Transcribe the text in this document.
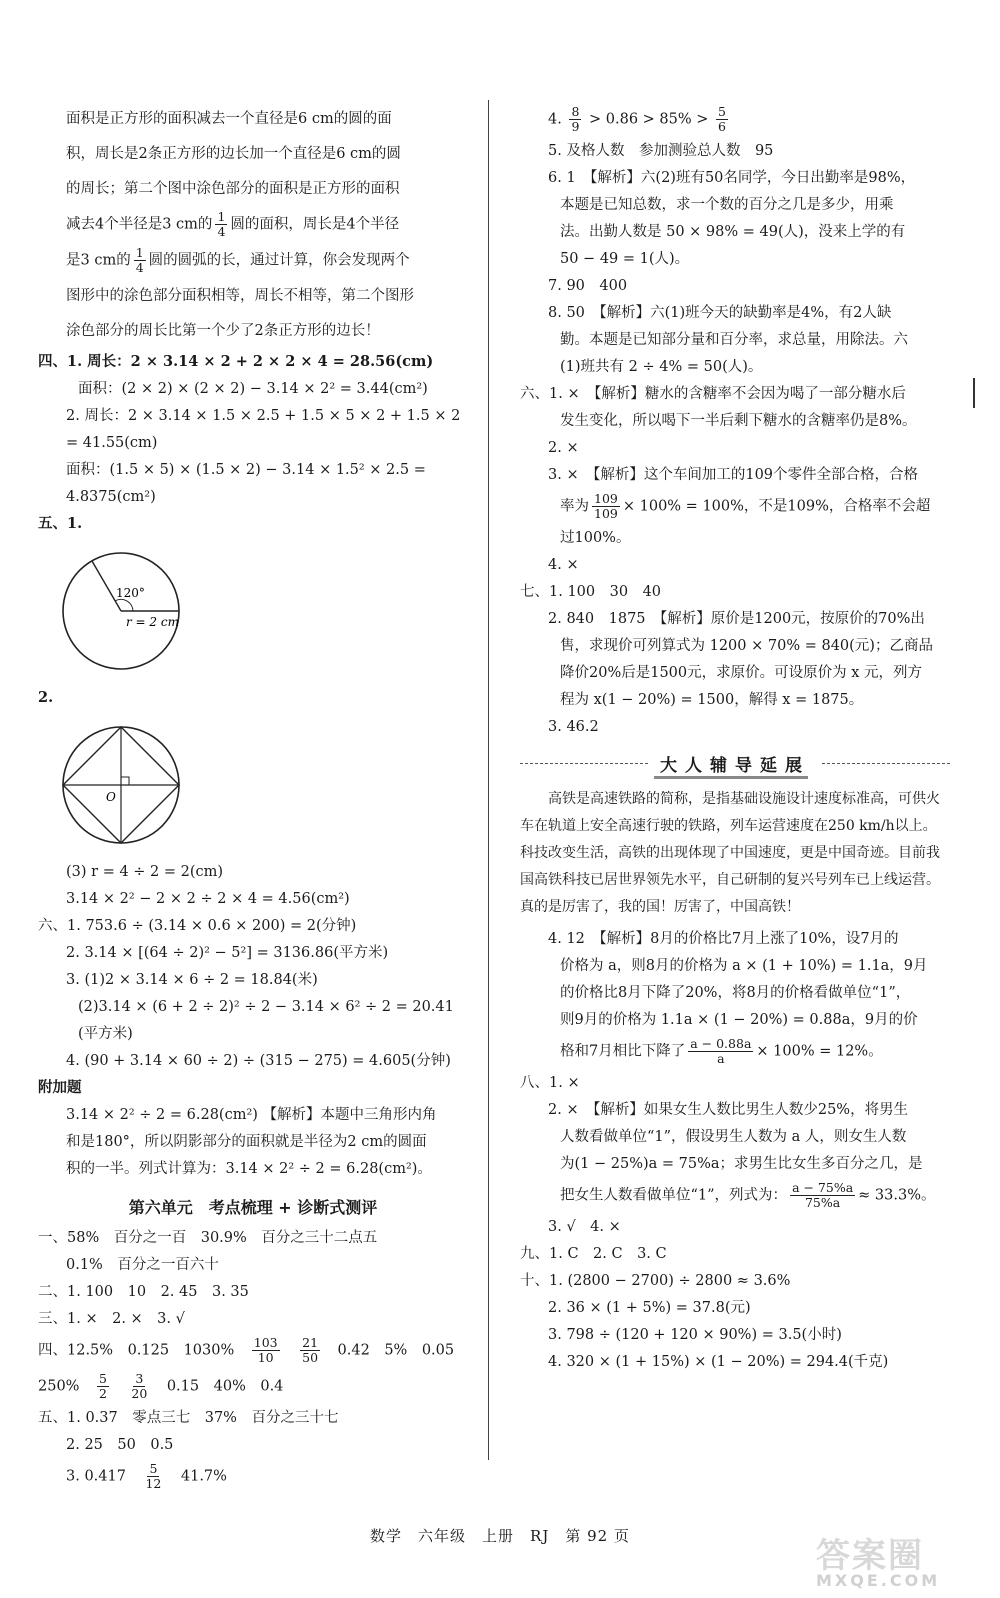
面积是正方形的面积减去一个直径是6 cm的圆的面
积，周长是2条正方形的边长加一个直径是6 cm的圆
的周长；第二个图中涂色部分的面积是正方形的面积
减去4个半径是3 cm的 $\frac{1}{4}$ 圆的面积，周长是4个半径
是3 cm的 $\frac{1}{4}$ 圆的圆弧的长，通过计算，你会发现两个
图形中的涂色部分面积相等，周长不相等，第二个图形
涂色部分的周长比第一个少了2条正方形的边长！
四、1. 周长：2 × 3.14 × 2 + 2 × 2 × 4 = 28.56(cm)
面积：(2 × 2) × (2 × 2) − 3.14 × 2² = 3.44(cm²)
2. 周长：2 × 3.14 × 1.5 × 2.5 + 1.5 × 5 × 2 + 1.5 × 2
= 41.55(cm)
面积：(1.5 × 5) × (1.5 × 2) − 3.14 × 1.5² × 2.5 =
4.8375(cm²)
五、1.
120°
r = 2 cm
2.
O
(3) r = 4 ÷ 2 = 2(cm)
3.14 × 2² − 2 × 2 ÷ 2 × 4 = 4.56(cm²)
六、1. 753.6 ÷ (3.14 × 0.6 × 200) = 2(分钟)
2. 3.14 × [(64 ÷ 2)² − 5²] = 3136.86(平方米)
3. (1)2 × 3.14 × 6 ÷ 2 = 18.84(米)
(2)3.14 × (6 + 2 ÷ 2)² ÷ 2 − 3.14 × 6² ÷ 2 = 20.41
(平方米)
4. (90 + 3.14 × 60 ÷ 2) ÷ (315 − 275) = 4.605(分钟)
附加题
3.14 × 2² ÷ 2 = 6.28(cm²) 【解析】本题中三角形内角
和是180°，所以阴影部分的面积就是半径为2 cm的圆面
积的一半。列式计算为：3.14 × 2² ÷ 2 = 6.28(cm²)。
第六单元　考点梳理 + 诊断式测评
一、58%　百分之一百　30.9%　百分之三十二点五
0.1%　百分之一百六十
二、1. 100　10　2. 45　3. 35
三、1. ×　2. ×　3. √
四、12.5%　0.125　1030%　 $\frac{103}{10}$
　 $\frac{21}{50}$
　 0.42　5%　0.05
250%　 $\frac{5}{2}$
　 $\frac{3}{20}$
　 0.15　40%　0.4
五、1. 0.37　零点三七　37%　百分之三十七
2. 25　50　0.5
3. 0.417　 $\frac{5}{12}$
　 41.7%
4. $\frac{8}{9} > 0.86 > 85\% > \frac{5}{6}$
5. 及格人数　参加测验总人数　95
6. 1　【解析】六(2)班有50名同学，今日出勤率是98%，
本题是已知总数，求一个数的百分之几是多少，用乘
法。出勤人数是 50 × 98% = 49(人)，没来上学的有
50 − 49 = 1(人)。
7. 90　400
8. 50　【解析】六(1)班今天的缺勤率是4%，有2人缺
勤。本题是已知部分量和百分率，求总量，用除法。六
(1)班共有 2 ÷ 4% = 50(人)。
六、1. ×　【解析】糖水的含糖率不会因为喝了一部分糖水后
发生变化，所以喝下一半后剩下糖水的含糖率仍是8%。
2. ×
3. ×　【解析】这个车间加工的109个零件全部合格，合格
率为 $\frac{109}{109} \times 100\% = 100\%$，不是109%，合格率不会超
过100%。
4. ×
七、1. 100　30　40
2. 840　1875　【解析】原价是1200元，按原价的70%出
售，求现价可列算式为 1200 × 70% = 840(元)；乙商品
降价20%后是1500元，求原价。可设原价为 x 元，列方
程为 x(1 − 20%) = 1500，解得 x = 1875。
3. 46.2
大人辅导延展
高铁是高速铁路的简称，是指基础设施设计速度标准高，可供火车在轨道上安全高速行驶的铁路，列车运营速度在250 km/h以上。科技改变生活，高铁的出现体现了中国速度，更是中国奇迹。目前我国高铁科技已居世界领先水平，自己研制的复兴号列车已上线运营。真的是厉害了，我的国！厉害了，中国高铁！
4. 12　【解析】8月的价格比7月上涨了10%，设7月的
价格为 a，则8月的价格为 a × (1 + 10%) = 1.1a，9月
的价格比8月下降了20%，将8月的价格看做单位“1”，
则9月的价格为 1.1a × (1 − 20%) = 0.88a，9月的价
格和7月相比下降了 $\frac{a - 0.88a}{a} \times 100\% = 12\%$。
八、1. ×
2. ×　【解析】如果女生人数比男生人数少25%，将男生
人数看做单位“1”，假设男生人数为 a 人，则女生人数
为(1 − 25%)a = 75%a；求男生比女生多百分之几，是
把女生人数看做单位“1”，列式为： $\frac{a - 75\%a}{75\%a} \approx 33.3\%$。
3. √　4. ×
九、1. C　2. C　3. C
十、1. (2800 − 2700) ÷ 2800 ≈ 3.6%
2. 36 × (1 + 5%) = 37.8(元)
3. 798 ÷ (120 + 120 × 90%) = 3.5(小时)
4. 320 × (1 + 15%) × (1 − 20%) = 294.4(千克)
数学　六年级　上册　RJ　第 92 页	答案圈
MXQE.COM
